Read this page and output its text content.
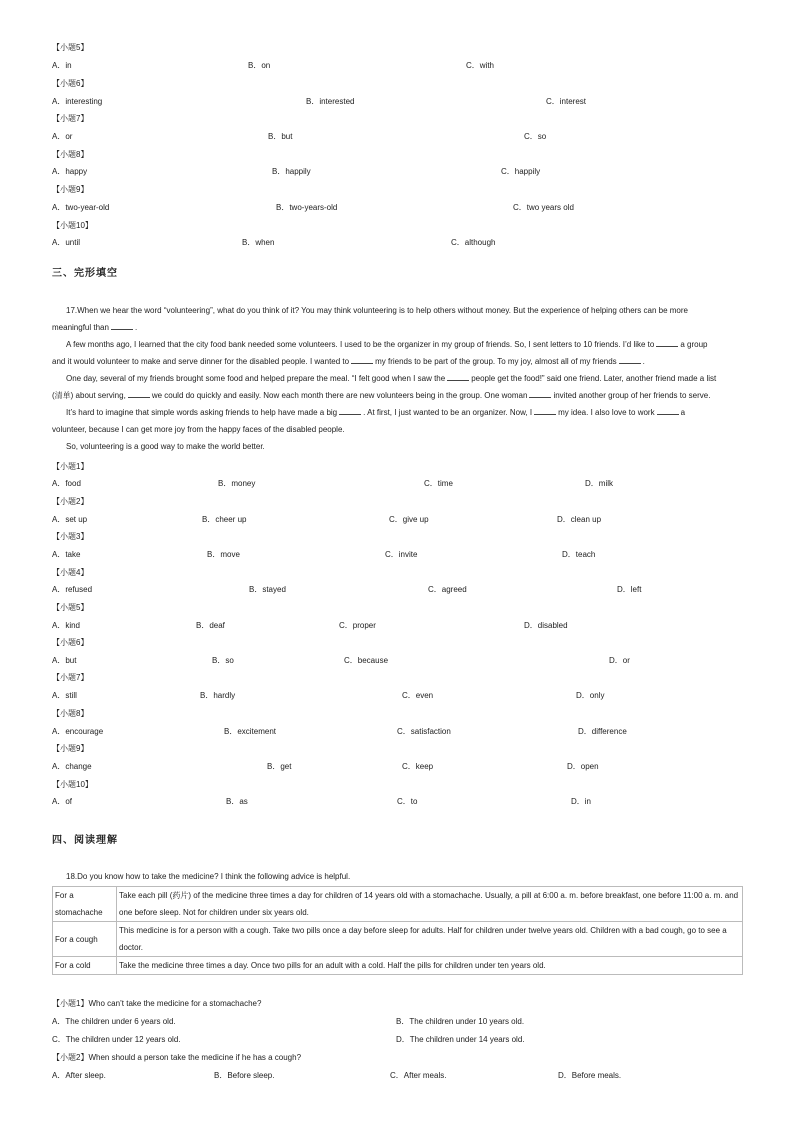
【小题5】
A．in	B．on	C．with
【小题6】
A．interesting	B．interested	C．interest
【小题7】
A．or	B．but	C．so
【小题8】
A．happy	B．happily	C．happily
【小题9】
A．two-year-old	B．two-years-old	C．two years old
【小题10】
A．until	B．when	C．although
三、完形填空

17.When we hear the word “volunteering”, what do you think of it? You may think volunteering is to help others without money. But the experience of helping others can be more

meaningful than	.

A few months ago, I learned that the city food bank needed some volunteers. I used to be the organizer in my group of friends. So, I sent letters to 10 friends. I’d like to	a group

and it would volunteer to make and serve dinner for the disabled people. I wanted to	my friends to be part of the group. To my joy, almost all of my friends	.

One day, several of my friends brought some food and helped prepare the meal. “I felt good when I saw the	people get the food!” said one friend. Later, another friend made a list

(清单) about serving,	we could do quickly and easily. Now each month there are new volunteers being in the group. One woman	invited another group of her friends to serve.

It’s hard to imagine that simple words asking friends to help have made a big	. At first, I just wanted to be an organizer. Now, I	my idea. I also love to work	a

volunteer, because I can get more joy from the happy faces of the disabled people.

So, volunteering is a good way to make the world better.

【小题1】
A．food	B．money	C．time	D．milk
【小题2】
A．set up	B．cheer up	C．give up	D．clean up
【小题3】
A．take	B．move	C．invite	D．teach
【小题4】
A．refused	B．stayed	C．agreed	D．left
【小题5】
A．kind	B．deaf	C．proper	D．disabled
【小题6】
A．but	B．so	C．because	D．or
【小题7】
A．still	B．hardly	C．even	D．only
【小题8】
A．encourage	B．excitement	C．satisfaction	D．difference
【小题9】
A．change	B．get	C．keep	D．open
【小题10】
A．of	B．as	C．to	D．in
四、阅读理解
18.Do you know how to take the medicine? I think the following advice is helpful.
For a
stomachache	Take each pill (药片) of the medicine three times a day for children of 14 years old with a stomachache. Usually, a pill at 6:00 a. m. before breakfast, one before 11:00 a. m. and
one before sleep. Not for children under six years old.
For a cough	This medicine is for a person with a cough. Take two pills once a day before sleep for adults. Half for children under twelve years old. Children with a bad cough, go to see a
doctor.
For a cold	Take the medicine three times a day. Once two pills for an adult with a cold. Half the pills for children under ten years old.
【小题1】Who can’t take the medicine for a stomachache?
A．The children under 6 years old.	B．The children under 10 years old.
C．The children under 12 years old.	D．The children under 14 years old.
【小题2】When should a person take the medicine if he has a cough?
A．After sleep.	B．Before sleep.	C．After meals.	D．Before meals.
